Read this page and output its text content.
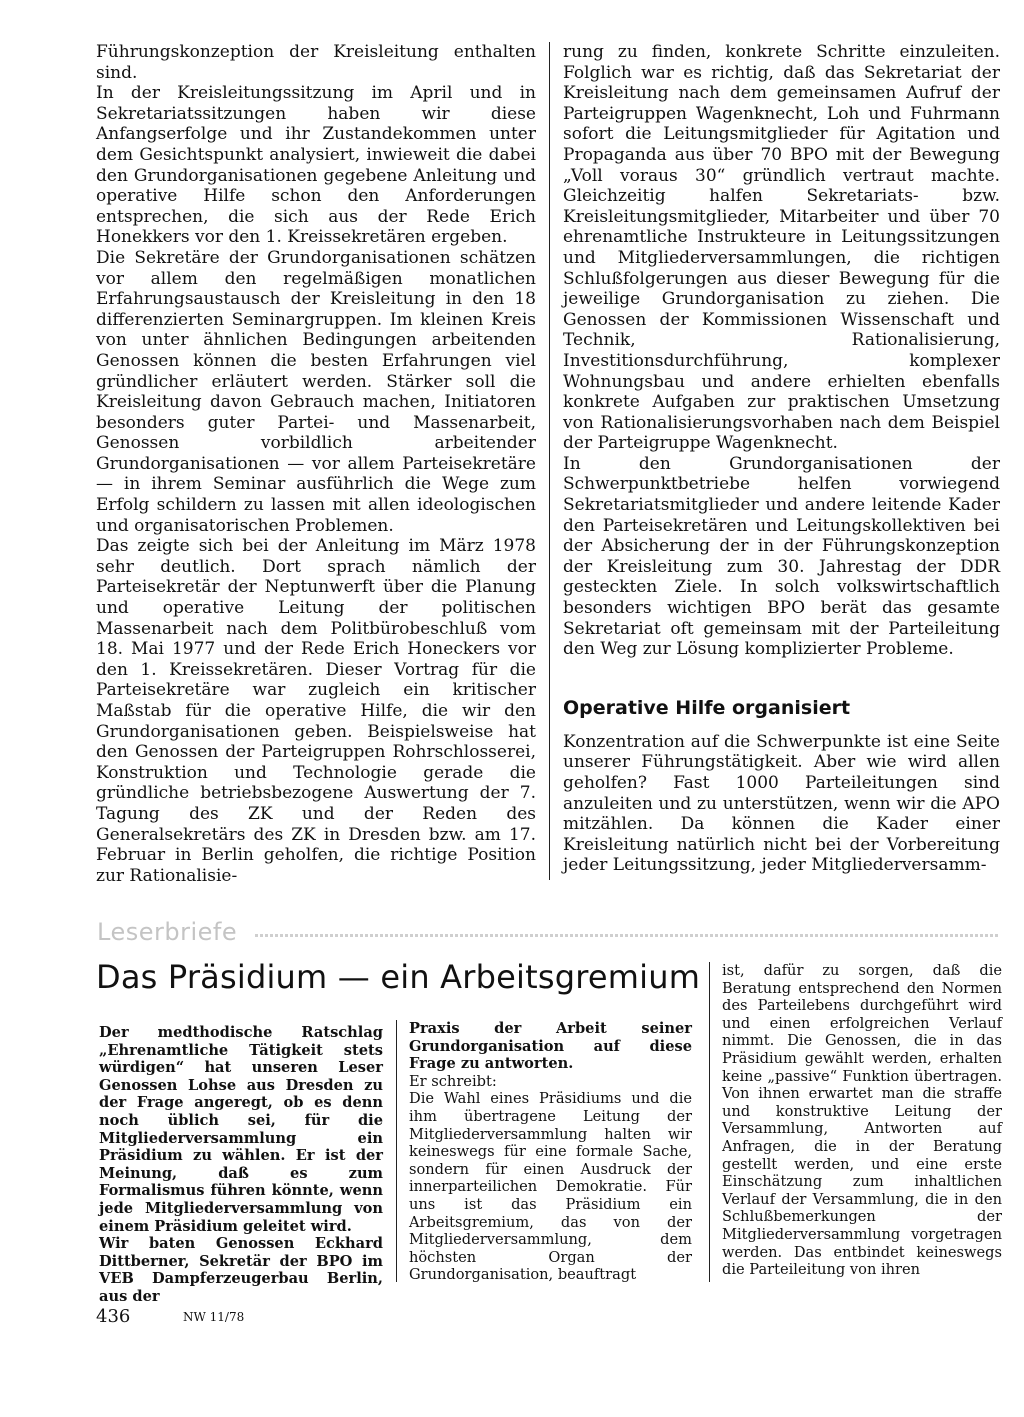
Führungskonzeption der Kreisleitung enthalten sind.

In der Kreisleitungssitzung im April und in Sekretariatssitzungen haben wir diese Anfangserfolge und ihr Zustandekommen unter dem Gesichtspunkt analysiert, inwieweit die dabei den Grundorganisationen gegebene Anleitung und operative Hilfe schon den Anforderungen entsprechen, die sich aus der Rede Erich Honekkers vor den 1. Kreissekretären ergeben.

Die Sekretäre der Grundorganisationen schätzen vor allem den regelmäßigen monatlichen Erfahrungsaustausch der Kreisleitung in den 18 differenzierten Seminargruppen. Im kleinen Kreis von unter ähnlichen Bedingungen arbeitenden Genossen können die besten Erfahrungen viel gründlicher erläutert werden. Stärker soll die Kreisleitung davon Gebrauch machen, Initiatoren besonders guter Partei- und Massenarbeit, Genossen vorbildlich arbeitender Grundorganisationen — vor allem Parteisekretäre — in ihrem Seminar ausführlich die Wege zum Erfolg schildern zu lassen mit allen ideologischen und organisatorischen Problemen.

Das zeigte sich bei der Anleitung im März 1978 sehr deutlich. Dort sprach nämlich der Parteisekretär der Neptunwerft über die Planung und operative Leitung der politischen Massenarbeit nach dem Politbürobeschluß vom 18. Mai 1977 und der Rede Erich Honeckers vor den 1. Kreissekretären. Dieser Vortrag für die Parteisekretäre war zugleich ein kritischer Maßstab für die operative Hilfe, die wir den Grundorganisationen geben. Beispielsweise hat den Genossen der Parteigruppen Rohrschlosserei, Konstruktion und Technologie gerade die gründliche betriebsbezogene Auswertung der 7. Tagung des ZK und der Reden des Generalsekretärs des ZK in Dresden bzw. am 17. Februar in Berlin geholfen, die richtige Position zur Rationalisie-

rung zu finden, konkrete Schritte einzuleiten. Folglich war es richtig, daß das Sekretariat der Kreisleitung nach dem gemeinsamen Aufruf der Parteigruppen Wagenknecht, Loh und Fuhrmann sofort die Leitungsmitglieder für Agitation und Propaganda aus über 70 BPO mit der Bewegung „Voll voraus 30“ gründlich vertraut machte. Gleichzeitig halfen Sekretariats- bzw. Kreisleitungsmitglieder, Mitarbeiter und über 70 ehrenamtliche Instrukteure in Leitungssitzungen und Mitgliederversammlungen, die richtigen Schlußfolgerungen aus dieser Bewegung für die jeweilige Grundorganisation zu ziehen. Die Genossen der Kommissionen Wissenschaft und Technik, Rationalisierung, Investitionsdurchführung, komplexer Wohnungsbau und andere erhielten ebenfalls konkrete Aufgaben zur praktischen Umsetzung von Rationalisierungsvorhaben nach dem Beispiel der Parteigruppe Wagenknecht.

In den Grundorganisationen der Schwerpunktbetriebe helfen vorwiegend Sekretariatsmitglieder und andere leitende Kader den Parteisekretären und Leitungskollektiven bei der Absicherung der in der Führungskonzeption der Kreisleitung zum 30. Jahrestag der DDR gesteckten Ziele. In solch volkswirtschaftlich besonders wichtigen BPO berät das gesamte Sekretariat oft gemeinsam mit der Parteileitung den Weg zur Lösung komplizierter Probleme.

Operative Hilfe organisiert

Konzentration auf die Schwerpunkte ist eine Seite unserer Führungstätigkeit. Aber wie wird allen geholfen? Fast 1000 Parteileitungen sind anzuleiten und zu unterstützen, wenn wir die APO mitzählen. Da können die Kader einer Kreisleitung natürlich nicht bei der Vorbereitung jeder Leitungssitzung, jeder Mitgliederversamm-

Leserbriefe
Das Präsidium — ein Arbeitsgremium

Der medthodische Ratschlag „Ehrenamtliche Tätigkeit stets würdigen“ hat unseren Leser Genossen Lohse aus Dresden zu der Frage angeregt, ob es denn noch üblich sei, für die Mitgliederversammlung ein Präsidium zu wählen. Er ist der Meinung, daß es zum Formalismus führen könnte, wenn jede Mitgliederversammlung von einem Präsidium geleitet wird.

Wir baten Genossen Eckhard Dittberner, Sekretär der BPO im VEB Dampferzeugerbau Berlin, aus der

Praxis der Arbeit seiner Grundorganisation auf diese Frage zu antworten.

Er schreibt:

Die Wahl eines Präsidiums und die ihm übertragene Leitung der Mitgliederversammlung halten wir keineswegs für eine formale Sache, sondern für einen Ausdruck der innerparteilichen Demokratie. Für uns ist das Präsidium ein Arbeitsgremium, das von der Mitgliederversammlung, dem höchsten Organ der Grundorganisation, beauftragt

ist, dafür zu sorgen, daß die Beratung entsprechend den Normen des Parteilebens durchgeführt wird und einen erfolgreichen Verlauf nimmt. Die Genossen, die in das Präsidium gewählt werden, erhalten keine „passive“ Funktion übertragen. Von ihnen erwartet man die straffe und konstruktive Leitung der Versammlung, Antworten auf Anfragen, die in der Beratung gestellt werden, und eine erste Einschätzung zum inhaltlichen Verlauf der Versammlung, die in den Schlußbemerkungen der Mitgliederversammlung vorgetragen werden. Das entbindet keineswegs die Parteileitung von ihren

436	NW 11/78
